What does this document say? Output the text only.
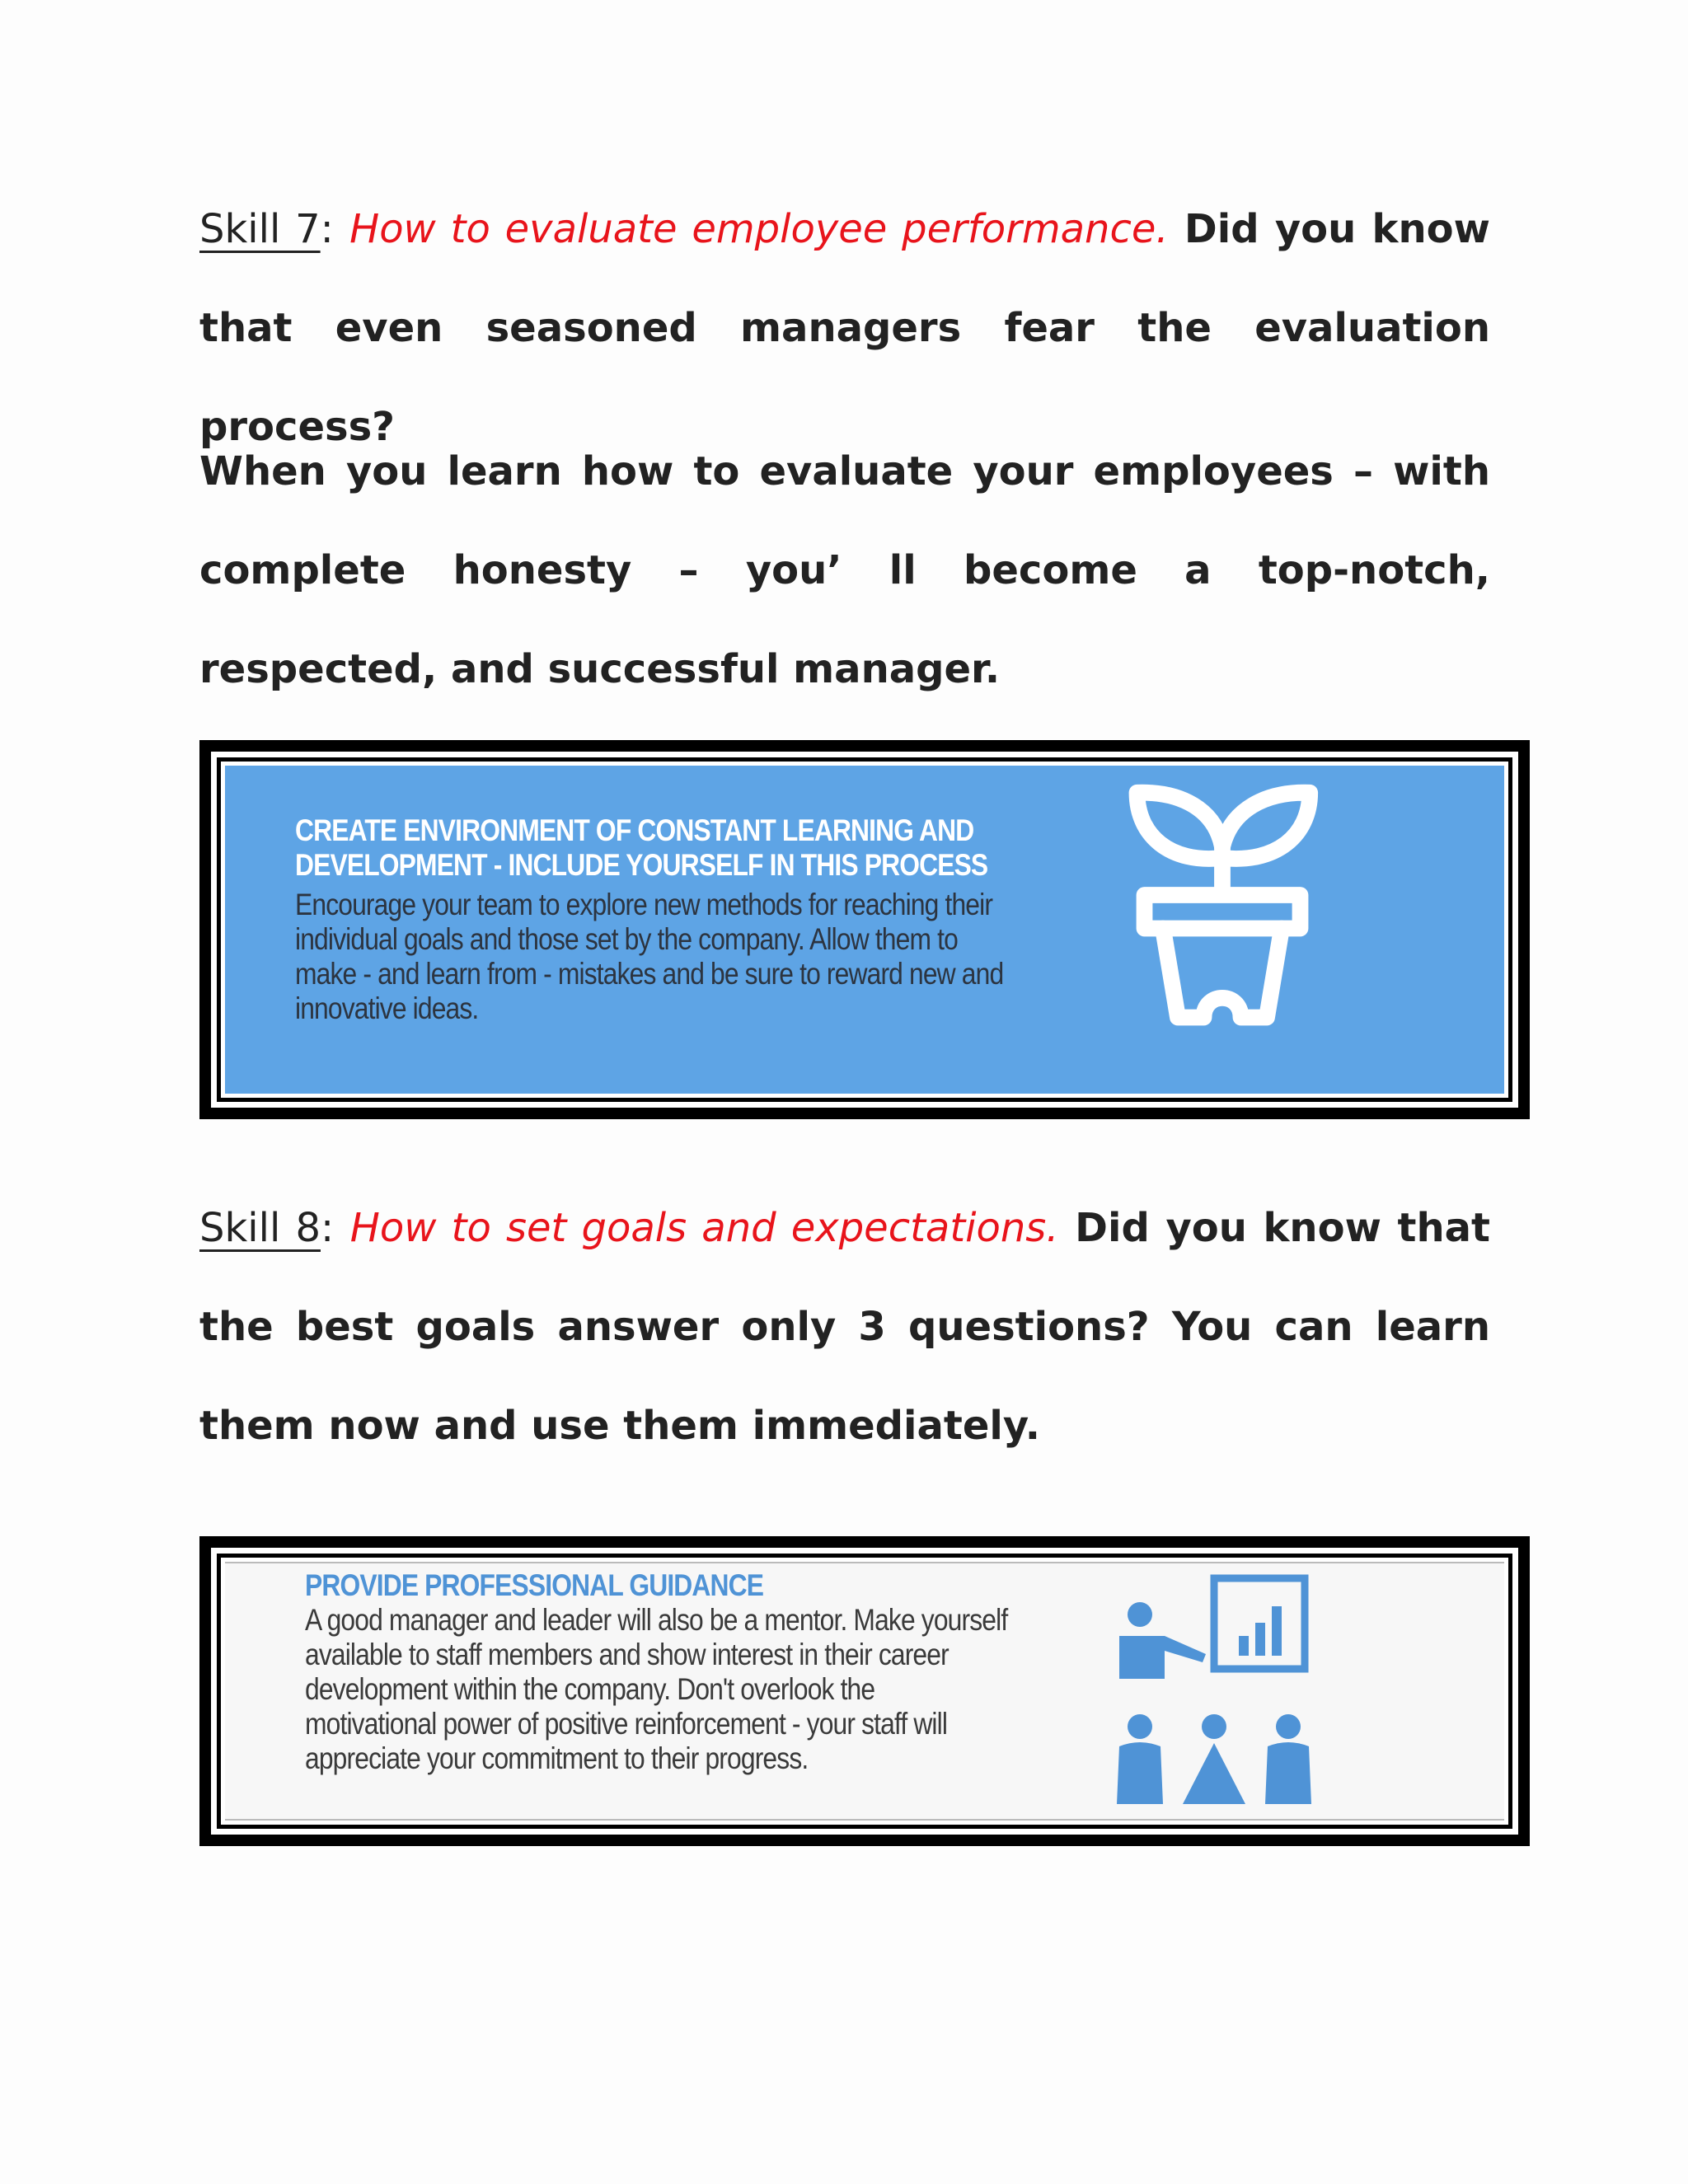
Skill 7: How to evaluate employee performance. Did you know that even seasoned managers fear the evaluation process?

When you learn how to evaluate your employees – with complete honesty – you’ ll become a top-notch, respected, and successful manager.

CREATE ENVIRONMENT OF CONSTANT LEARNING AND
DEVELOPMENT - INCLUDE YOURSELF IN THIS PROCESS
Encourage your team to explore new methods for reaching their
individual goals and those set by the company. Allow them to
make - and learn from - mistakes and be sure to reward new and
innovative ideas.

Skill 8: How to set goals and expectations. Did you know that the best goals answer only 3 questions? You can learn them now and use them immediately.

PROVIDE PROFESSIONAL GUIDANCE
A good manager and leader will also be a mentor. Make yourself
available to staff members and show interest in their career
development within the company. Don't overlook the
motivational power of positive reinforcement - your staff will
appreciate your commitment to their progress.
